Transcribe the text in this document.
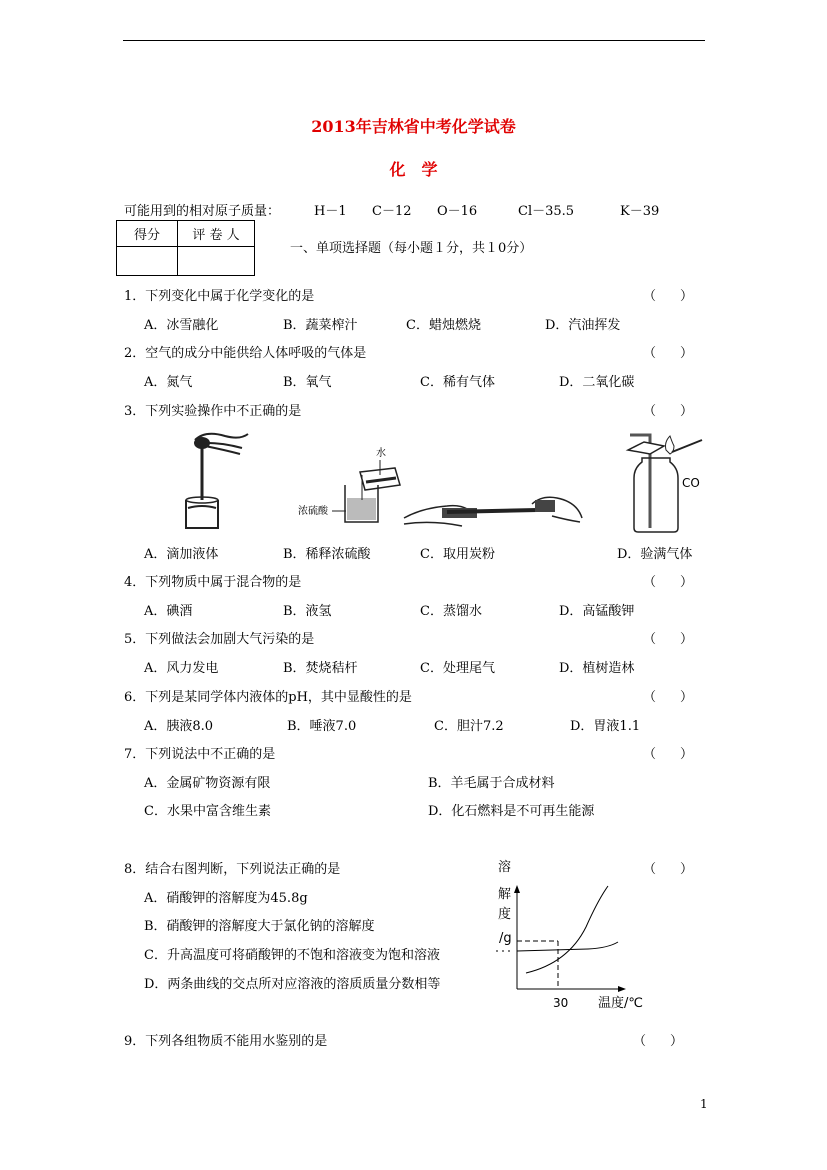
2013年吉林省中考化学试卷
化　学
可能用到的相对原子质量：	H－1 C－12 O－16	Cl－35.5	K－39
得分	评 卷 人

一、单项选择题（每小题１分，共１0分）
1．下列变化中属于化学变化的是	（ ）
A．冰雪融化	B．蔬菜榨汁	C．蜡烛燃烧	D．汽油挥发
2．空气的成分中能供给人体呼吸的气体是	（ ）
A．氮气	B．氧气	C．稀有气体	D．二氧化碳
3．下列实验操作中不正确的是	（ ）
水
浓硫酸
CO
A．滴加液体	B．稀释浓硫酸	C．取用炭粉	D．验满气体
4．下列物质中属于混合物的是	（ ）
A．碘酒	B．液氢	C．蒸馏水	D．高锰酸钾
5．下列做法会加剧大气污染的是	（ ）
A．风力发电	B．焚烧秸杆	C．处理尾气	D．植树造林
6．下列是某同学体内液体的pH，其中显酸性的是	（ ）
A．胰液8.0	B．唾液7.0	C．胆汁7.2	D．胃液1.1
7．下列说法中不正确的是	（ ）
A．金属矿物资源有限	B．羊毛属于合成材料
C．水果中富含维生素	D．化石燃料是不可再生能源
8．结合右图判断，下列说法正确的是	（ ）
A．硝酸钾的溶解度为45.8g
B．硝酸钾的溶解度大于氯化钠的溶解度
C．升高温度可将硝酸钾的不饱和溶液变为饱和溶液
D．两条曲线的交点所对应溶液的溶质质量分数相等
溶
解
度
/g
30 温度/℃
9．下列各组物质不能用水鉴别的是	（ ）
1
